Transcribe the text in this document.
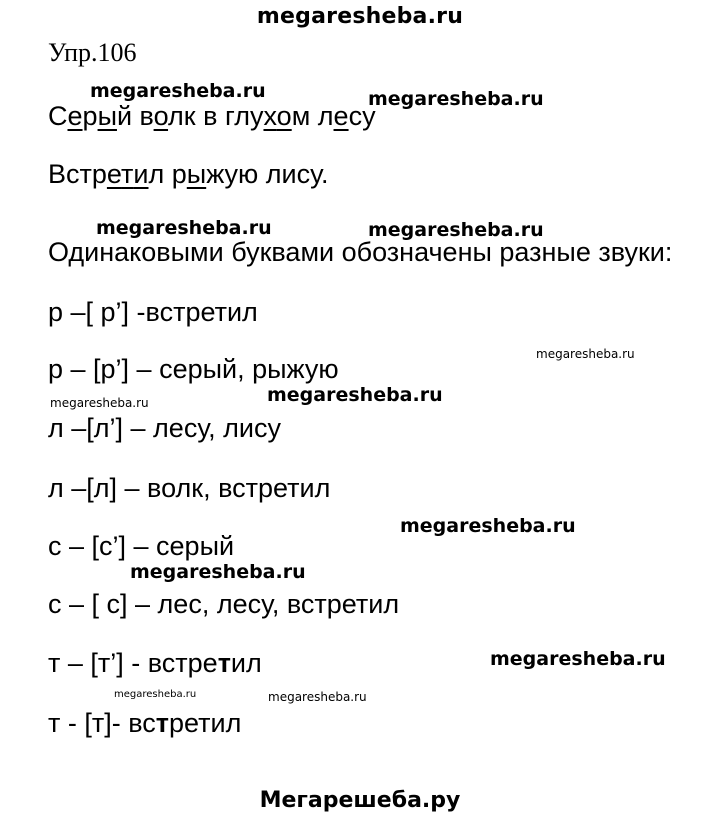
megaresheba.ru
Упр.106
Серый волк в глухом лесу
Встретил рыжую лису.
Одинаковыми буквами обозначены разные звуки:
р –[ р’] -встретил
р – [р’] – серый, рыжую
л –[л’] – лесу, лису
л –[л] – волк, встретил
с – [с’] – серый
с – [ с] – лес, лесу, встретил
т – [т’] - встретил
т - [т]- встретил
megaresheba.ru	megaresheba.ru
megaresheba.ru	megaresheba.ru
megaresheba.ru
megaresheba.ru
megaresheba.ru
megaresheba.ru
megaresheba.ru
megaresheba.ru
megaresheba.ru	megaresheba.ru
Мегарешеба.ру
